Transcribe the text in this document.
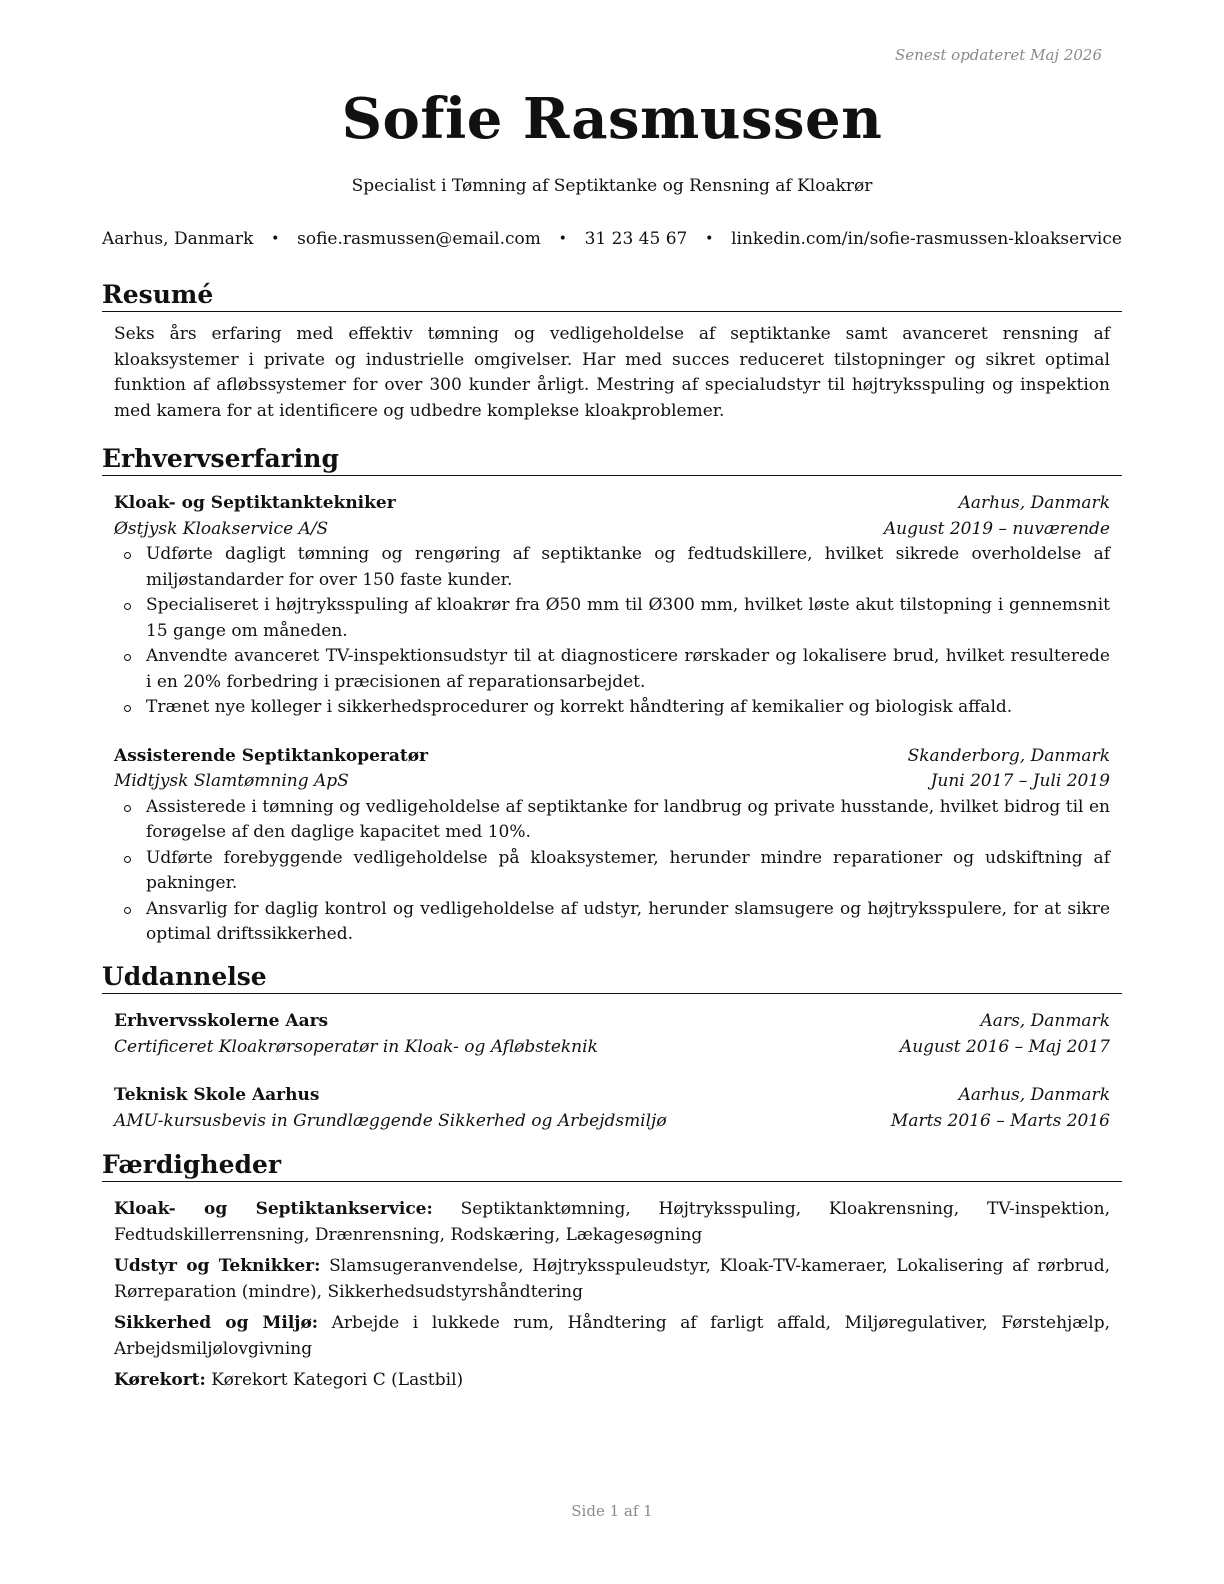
Senest opdateret Maj 2026
Sofie Rasmussen
Specialist i Tømning af Septiktanke og Rensning af Kloakrør
Aarhus, Danmark • sofie.rasmussen@email.com • 31 23 45 67 • linkedin.com/in/sofie-rasmussen-kloakservice
Resumé
Seks års erfaring med effektiv tømning og vedligeholdelse af septiktanke samt avanceret rensning af kloaksystemer i private og industrielle omgivelser. Har med succes reduceret tilstopninger og sikret optimal funktion af afløbssystemer for over 300 kunder årligt. Mestring af specialudstyr til højtryksspuling og inspektion med kamera for at identificere og udbedre komplekse kloakproblemer.
Erhvervserfaring
Kloak- og Septiktanktekniker	Aarhus, Danmark
Østjysk Kloakservice A/S	August 2019 – nuværende
Udførte dagligt tømning og rengøring af septiktanke og fedtudskillere, hvilket sikrede overholdelse af miljøstandarder for over 150 faste kunder.
Specialiseret i højtryksspuling af kloakrør fra Ø50 mm til Ø300 mm, hvilket løste akut tilstopning i gennemsnit 15 gange om måneden.
Anvendte avanceret TV-inspektionsudstyr til at diagnosticere rørskader og lokalisere brud, hvilket resulterede i en 20% forbedring i præcisionen af reparationsarbejdet.
Trænet nye kolleger i sikkerhedsprocedurer og korrekt håndtering af kemikalier og biologisk affald.
Assisterende Septiktankoperatør	Skanderborg, Danmark
Midtjysk Slamtømning ApS	Juni 2017 – Juli 2019
Assisterede i tømning og vedligeholdelse af septiktanke for landbrug og private husstande, hvilket bidrog til en forøgelse af den daglige kapacitet med 10%.
Udførte forebyggende vedligeholdelse på kloaksystemer, herunder mindre reparationer og udskiftning af pakninger.
Ansvarlig for daglig kontrol og vedligeholdelse af udstyr, herunder slamsugere og højtryksspulere, for at sikre optimal driftssikkerhed.
Uddannelse
Erhvervsskolerne Aars	Aars, Danmark
Certificeret Kloakrørsoperatør in Kloak- og Afløbsteknik	August 2016 – Maj 2017
Teknisk Skole Aarhus	Aarhus, Danmark
AMU-kursusbevis in Grundlæggende Sikkerhed og Arbejdsmiljø	Marts 2016 – Marts 2016
Færdigheder
Kloak- og Septiktankservice: Septiktanktømning, Højtryksspuling, Kloakrensning, TV-inspektion, Fedtudskillerrensning, Drænrensning, Rodskæring, Lækagesøgning
Udstyr og Teknikker: Slamsugeranvendelse, Højtryksspuleudstyr, Kloak-TV-kameraer, Lokalisering af rørbrud, Rørreparation (mindre), Sikkerhedsudstyrshåndtering
Sikkerhed og Miljø: Arbejde i lukkede rum, Håndtering af farligt affald, Miljøregulativer, Førstehjælp, Arbejdsmiljølovgivning
Kørekort: Kørekort Kategori C (Lastbil)
Side 1 af 1
